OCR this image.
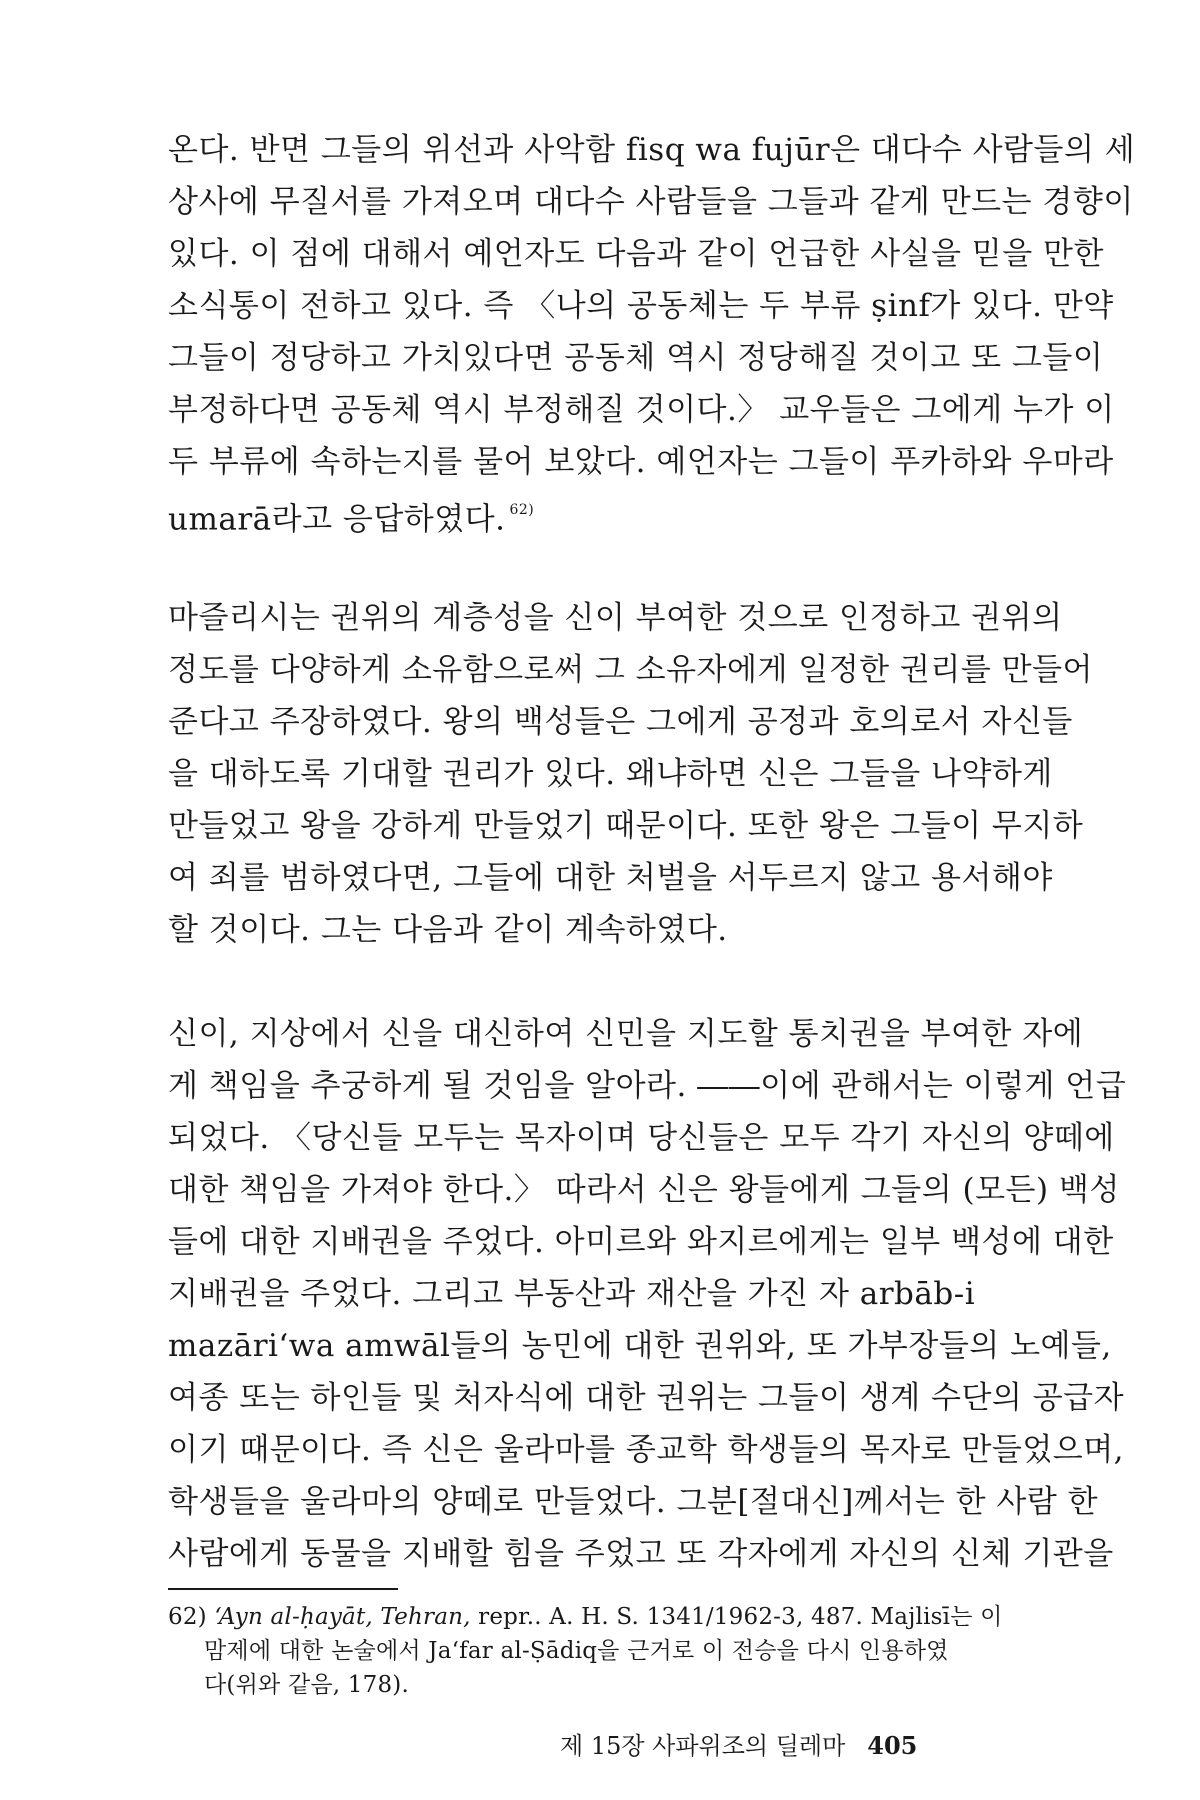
온다. 반면 그들의 위선과 사악함 fisq wa fujūr은 대다수 사람들의 세
상사에 무질서를 가져오며 대다수 사람들을 그들과 같게 만드는 경향이
있다. 이 점에 대해서 예언자도 다음과 같이 언급한 사실을 믿을 만한
소식통이 전하고 있다. 즉 〈나의 공동체는 두 부류 ṣinf가 있다. 만약
그들이 정당하고 가치있다면 공동체 역시 정당해질 것이고 또 그들이
부정하다면 공동체 역시 부정해질 것이다.〉 교우들은 그에게 누가 이
두 부류에 속하는지를 물어 보았다. 예언자는 그들이 푸카하와 우마라
umarā라고 응답하였다. $^{62)}$
마즐리시는 권위의 계층성을 신이 부여한 것으로 인정하고 권위의
정도를 다양하게 소유함으로써 그 소유자에게 일정한 권리를 만들어
준다고 주장하였다. 왕의 백성들은 그에게 공정과 호의로서 자신들
을 대하도록 기대할 권리가 있다. 왜냐하면 신은 그들을 나약하게
만들었고 왕을 강하게 만들었기 때문이다. 또한 왕은 그들이 무지하
여 죄를 범하였다면, 그들에 대한 처벌을 서두르지 않고 용서해야
할 것이다. 그는 다음과 같이 계속하였다.
신이, 지상에서 신을 대신하여 신민을 지도할 통치권을 부여한 자에
게 책임을 추궁하게 될 것임을 알아라. ――이에 관해서는 이렇게 언급
되었다. 〈당신들 모두는 목자이며 당신들은 모두 각기 자신의 양떼에
대한 책임을 가져야 한다.〉 따라서 신은 왕들에게 그들의 (모든) 백성
들에 대한 지배권을 주었다. 아미르와 와지르에게는 일부 백성에 대한
지배권을 주었다. 그리고 부동산과 재산을 가진 자 arbāb-i
mazāri‘wa amwāl들의 농민에 대한 권위와, 또 가부장들의 노예들,
여종 또는 하인들 및 처자식에 대한 권위는 그들이 생계 수단의 공급자
이기 때문이다. 즉 신은 울라마를 종교학 학생들의 목자로 만들었으며,
학생들을 울라마의 양떼로 만들었다. 그분[절대신]께서는 한 사람 한
사람에게 동물을 지배할 힘을 주었고 또 각자에게 자신의 신체 기관을
62) ‘Ayn al-ḥayāt, Tehran, repr.. A. H. S. 1341/1962-3, 487. Majlisī는 이
맘제에 대한 논술에서 Ja‘far al-Ṣādiq을 근거로 이 전승을 다시 인용하였
다(위와 같음, 178).
제 15장 사파위조의 딜레마 405
